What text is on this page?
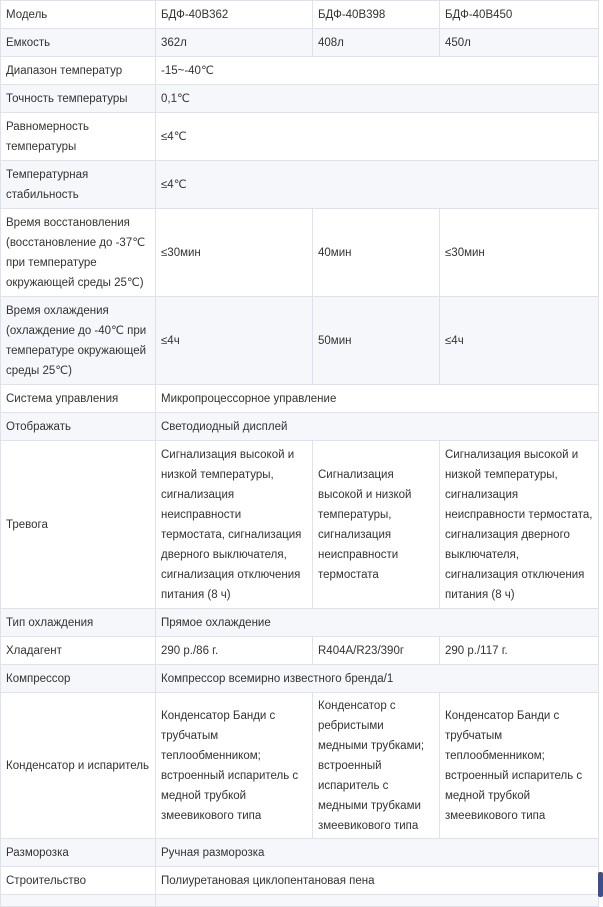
Модель	БДФ-40В362	БДФ-40В398	БДФ-40В450
Емкость	362л	408л	450л
Диапазон температур	-15~-40℃		
Точность температуры	0,1℃		
Равномерность температуры	≤4℃		
Температурная стабильность	≤4℃		
Время восстановления (восстановление до -37℃ при температуре окружающей среды 25℃)	≤30мин	40мин	≤30мин
Время охлаждения (охлаждение до -40℃ при температуре окружающей среды 25℃)	≤4ч	50мин	≤4ч
Система управления	Микропроцессорное управление		
Отображать	Светодиодный дисплей		
Тревога	Сигнализация высокой и низкой температуры, сигнализация неисправности термостата, сигнализация дверного выключателя, сигнализация отключения питания (8 ч)	Сигнализация высокой и низкой температуры, сигнализация неисправности термостата	Сигнализация высокой и низкой температуры, сигнализация неисправности термостата, сигнализация дверного выключателя, сигнализация отключения питания (8 ч)
Тип охлаждения	Прямое охлаждение		
Хладагент	290 р./86 г.	R404A/R23/390г	290 р./117 г.
Компрессор	Компрессор всемирно известного бренда/1		
Конденсатор и испаритель	Конденсатор Банди с трубчатым теплообменником; встроенный испаритель с медной трубкой змеевикового типа	Конденсатор с ребристыми медными трубками; встроенный испаритель с медными трубками змеевикового типа	Конденсатор Банди с трубчатым теплообменником; встроенный испаритель с медной трубкой змеевикового типа
Разморозка	Ручная разморозка		
Строительство	Полиуретановая циклопентановая пена		
